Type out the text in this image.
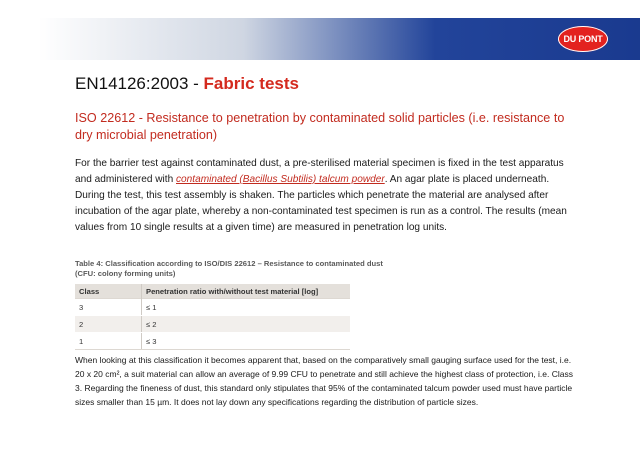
DU PONT
EN14126:2003 - Fabric tests
ISO 22612 - Resistance to penetration by contaminated solid particles (i.e. resistance to dry microbial penetration)
For the barrier test against contaminated dust, a pre-sterilised material specimen is fixed in the test apparatus and administered with contaminated (Bacillus Subtilis) talcum powder. An agar plate is placed underneath. During the test, this test assembly is shaken. The particles which penetrate the material are analysed after incubation of the agar plate, whereby a non-contaminated test specimen is run as a control. The results (mean values from 10 single results at a given time) are measured in penetration log units.
Table 4: Classification according to ISO/DIS 22612 – Resistance to contaminated dust
(CFU: colony forming units)
Class	Penetration ratio with/without test material [log]
3	≤ 1
2	≤ 2
1	≤ 3
When looking at this classification it becomes apparent that, based on the comparatively small gauging surface used for the test, i.e. 20 x 20 cm², a suit material can allow an average of 9.99 CFU to penetrate and still achieve the highest class of protection, i.e. Class 3. Regarding the fineness of dust, this standard only stipulates that 95% of the contaminated talcum powder used must have particle sizes smaller than 15 µm. It does not lay down any specifications regarding the distribution of particle sizes.
